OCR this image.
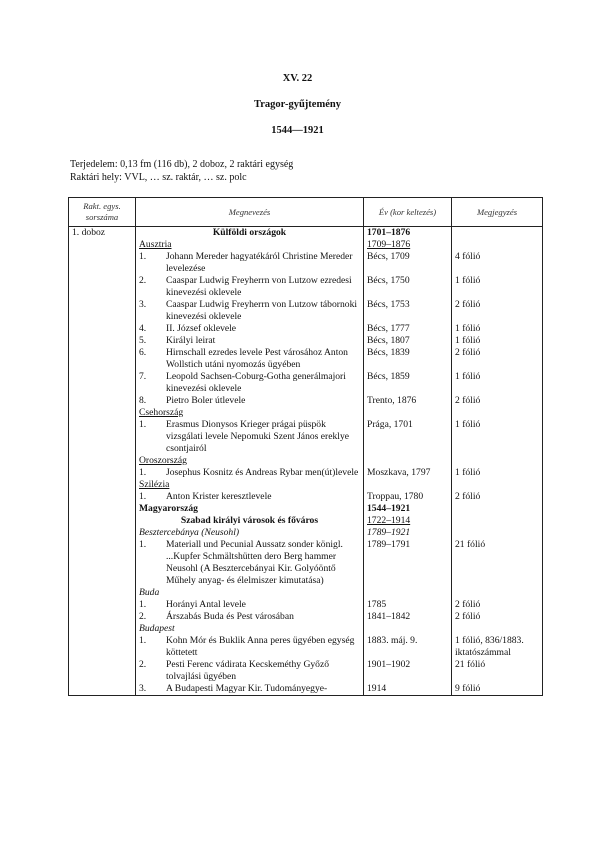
XV. 22
Tragor-gyűjtemény
1544—1921
Terjedelem: 0,13 fm (116 db), 2 doboz, 2 raktári egység
Raktári hely: VVL, … sz. raktár, … sz. polc
Rakt. egys. sorszáma	Megnevezés	Év (kor keltezés)	Megjegyzés
1. doboz	Külföldi országok	1701–1876	

	Ausztria	1709–1876	

	1. Johann Mereder hagyatékáról Christine Mereder levelezése	Bécs, 1709	4 fólió

	2. Caaspar Ludwig Freyherrn von Lutzow ezredesi kinevezési oklevele	Bécs, 1750	1 fólió

	3. Caaspar Ludwig Freyherrn von Lutzow tábornoki kinevezési oklevele	Bécs, 1753	2 fólió

	4. II. József oklevele	Bécs, 1777	1 fólió

	5. Királyi leirat	Bécs, 1807	1 fólió

	6. Hirnschall ezredes levele Pest városához Anton Wollstich utáni nyomozás ügyében	Bécs, 1839	2 fólió

	7. Leopold Sachsen-Coburg-Gotha generálmajori kinevezési oklevele	Bécs, 1859	1 fólió

	8. Pietro Boler útlevele	Trento, 1876	2 fólió

	Csehország		

	1. Erasmus Dionysos Krieger prágai püspök vizsgálati levele Nepomuki Szent János ereklye csontjairól	Prága, 1701	1 fólió

	Oroszország		

	1. Josephus Kosnitz és Andreas Rybar men(út)levele	Moszkava, 1797	1 fólió

	Szilézia		

	1. Anton Krister keresztlevele	Troppau, 1780	2 fólió

	Magyarország	1544–1921	

	Szabad királyi városok és főváros	1722–1914	

	Besztercebánya (Neusohl)	1789–1921	

	1. Materiall und Pecunial Aussatz sonder königl. ...Kupfer Schmältshütten dero Berg hammer Neusohl (A Besztercebányai Kir. Golyóöntő Műhely anyag- és élelmiszer kimutatása)	1789–1791	21 fólió

	Buda		

	1. Horányi Antal levele	1785	2 fólió

	2. Árszabás Buda és Pest városában	1841–1842	2 fólió

	Budapest		

	1. Kohn Mór és Buklik Anna peres ügyében egység köttetett	1883. máj. 9.	1 fólió, 836/1883. iktatószámmal

	2. Pesti Ferenc vádirata Kecskeméthy Győző tolvajlási ügyében	1901–1902	21 fólió

	3. A Budapesti Magyar Kir. Tudományegye-	1914	9 fólió
